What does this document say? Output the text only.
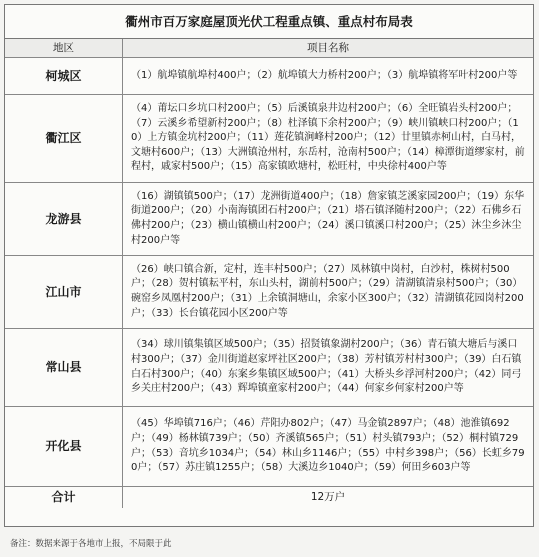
衢州市百万家庭屋顶光伏工程重点镇、重点村布局表
地区	项目名称
柯城区	（1）航埠镇航埠村400户；（2）航埠镇大力桥村200户；（3）航埠镇将军叶村200户等

衢江区	（4）莆坛口乡坑口村200户；（5）后溪镇泉井边村200户；（6）全旺镇岩头村200户；（7）云溪乡希望新村200户；（8）杜泽镇下余村200户；（9）峡川镇峡口村200户；（10）上方镇金坑村200户；（11）莲花镇涧峰村200户；（12）廿里镇赤柯山村，白马村，文塘村600户；（13）大洲镇沧州村，东岳村，沧南村500户；（14）樟潭街道缪家村，前程村，戚家村500户；（15）高家镇欧塘村，松旺村，中央徐村400户等

龙游县	（16）湖镇镇500户；（17）龙洲街道400户；（18）詹家镇芝溪家园200户；（19）东华街道200户；（20）小南海镇团石村200户；（21）塔石镇泽随村200户；（22）石佛乡石佛村200户；（23）横山镇横山村200户；（24）溪口镇溪口村200户；（25）沐尘乡沐尘村200户等

江山市	（26）峡口镇合新，定村，连丰村500户；（27）凤林镇中岗村，白沙村，株树村500户；（28）贺村镇耘平村，东山头村，湖前村500户；（29）清湖镇清泉村500户；（30）碗窑乡凤凰村200户；（31）上余镇洞塘山，余家小区300户；（32）清湖镇花园岗村200户；（33）长台镇花园小区200户等

常山县	（34）球川镇集镇区域500户；（35）招贤镇象湖村200户；（36）青石镇大塘后与溪口村300户；（37）金川街道赵家坪社区200户；（38）芳村镇芳村村300户；（39）白石镇白石村300户；（40）东案乡集镇区域500户；（41）大桥头乡浮河村200户；（42）同弓乡关庄村200户；（43）辉埠镇童家村200户；（44）何家乡何家村200户等

开化县	（45）华埠镇716户；（46）芹阳办802户；（47）马金镇2897户；（48）池淮镇692户；（49）杨林镇739户；（50）齐溪镇565户；（51）村头镇793户；（52）桐村镇729户；（53）音坑乡1034户；（54）林山乡1146户；（55）中村乡398户；（56）长虹乡790户；（57）苏庄镇1255户；（58）大溪边乡1040户；（59）何田乡603户等

合计	12万户
备注：数据来源于各地市上报，不局限于此
